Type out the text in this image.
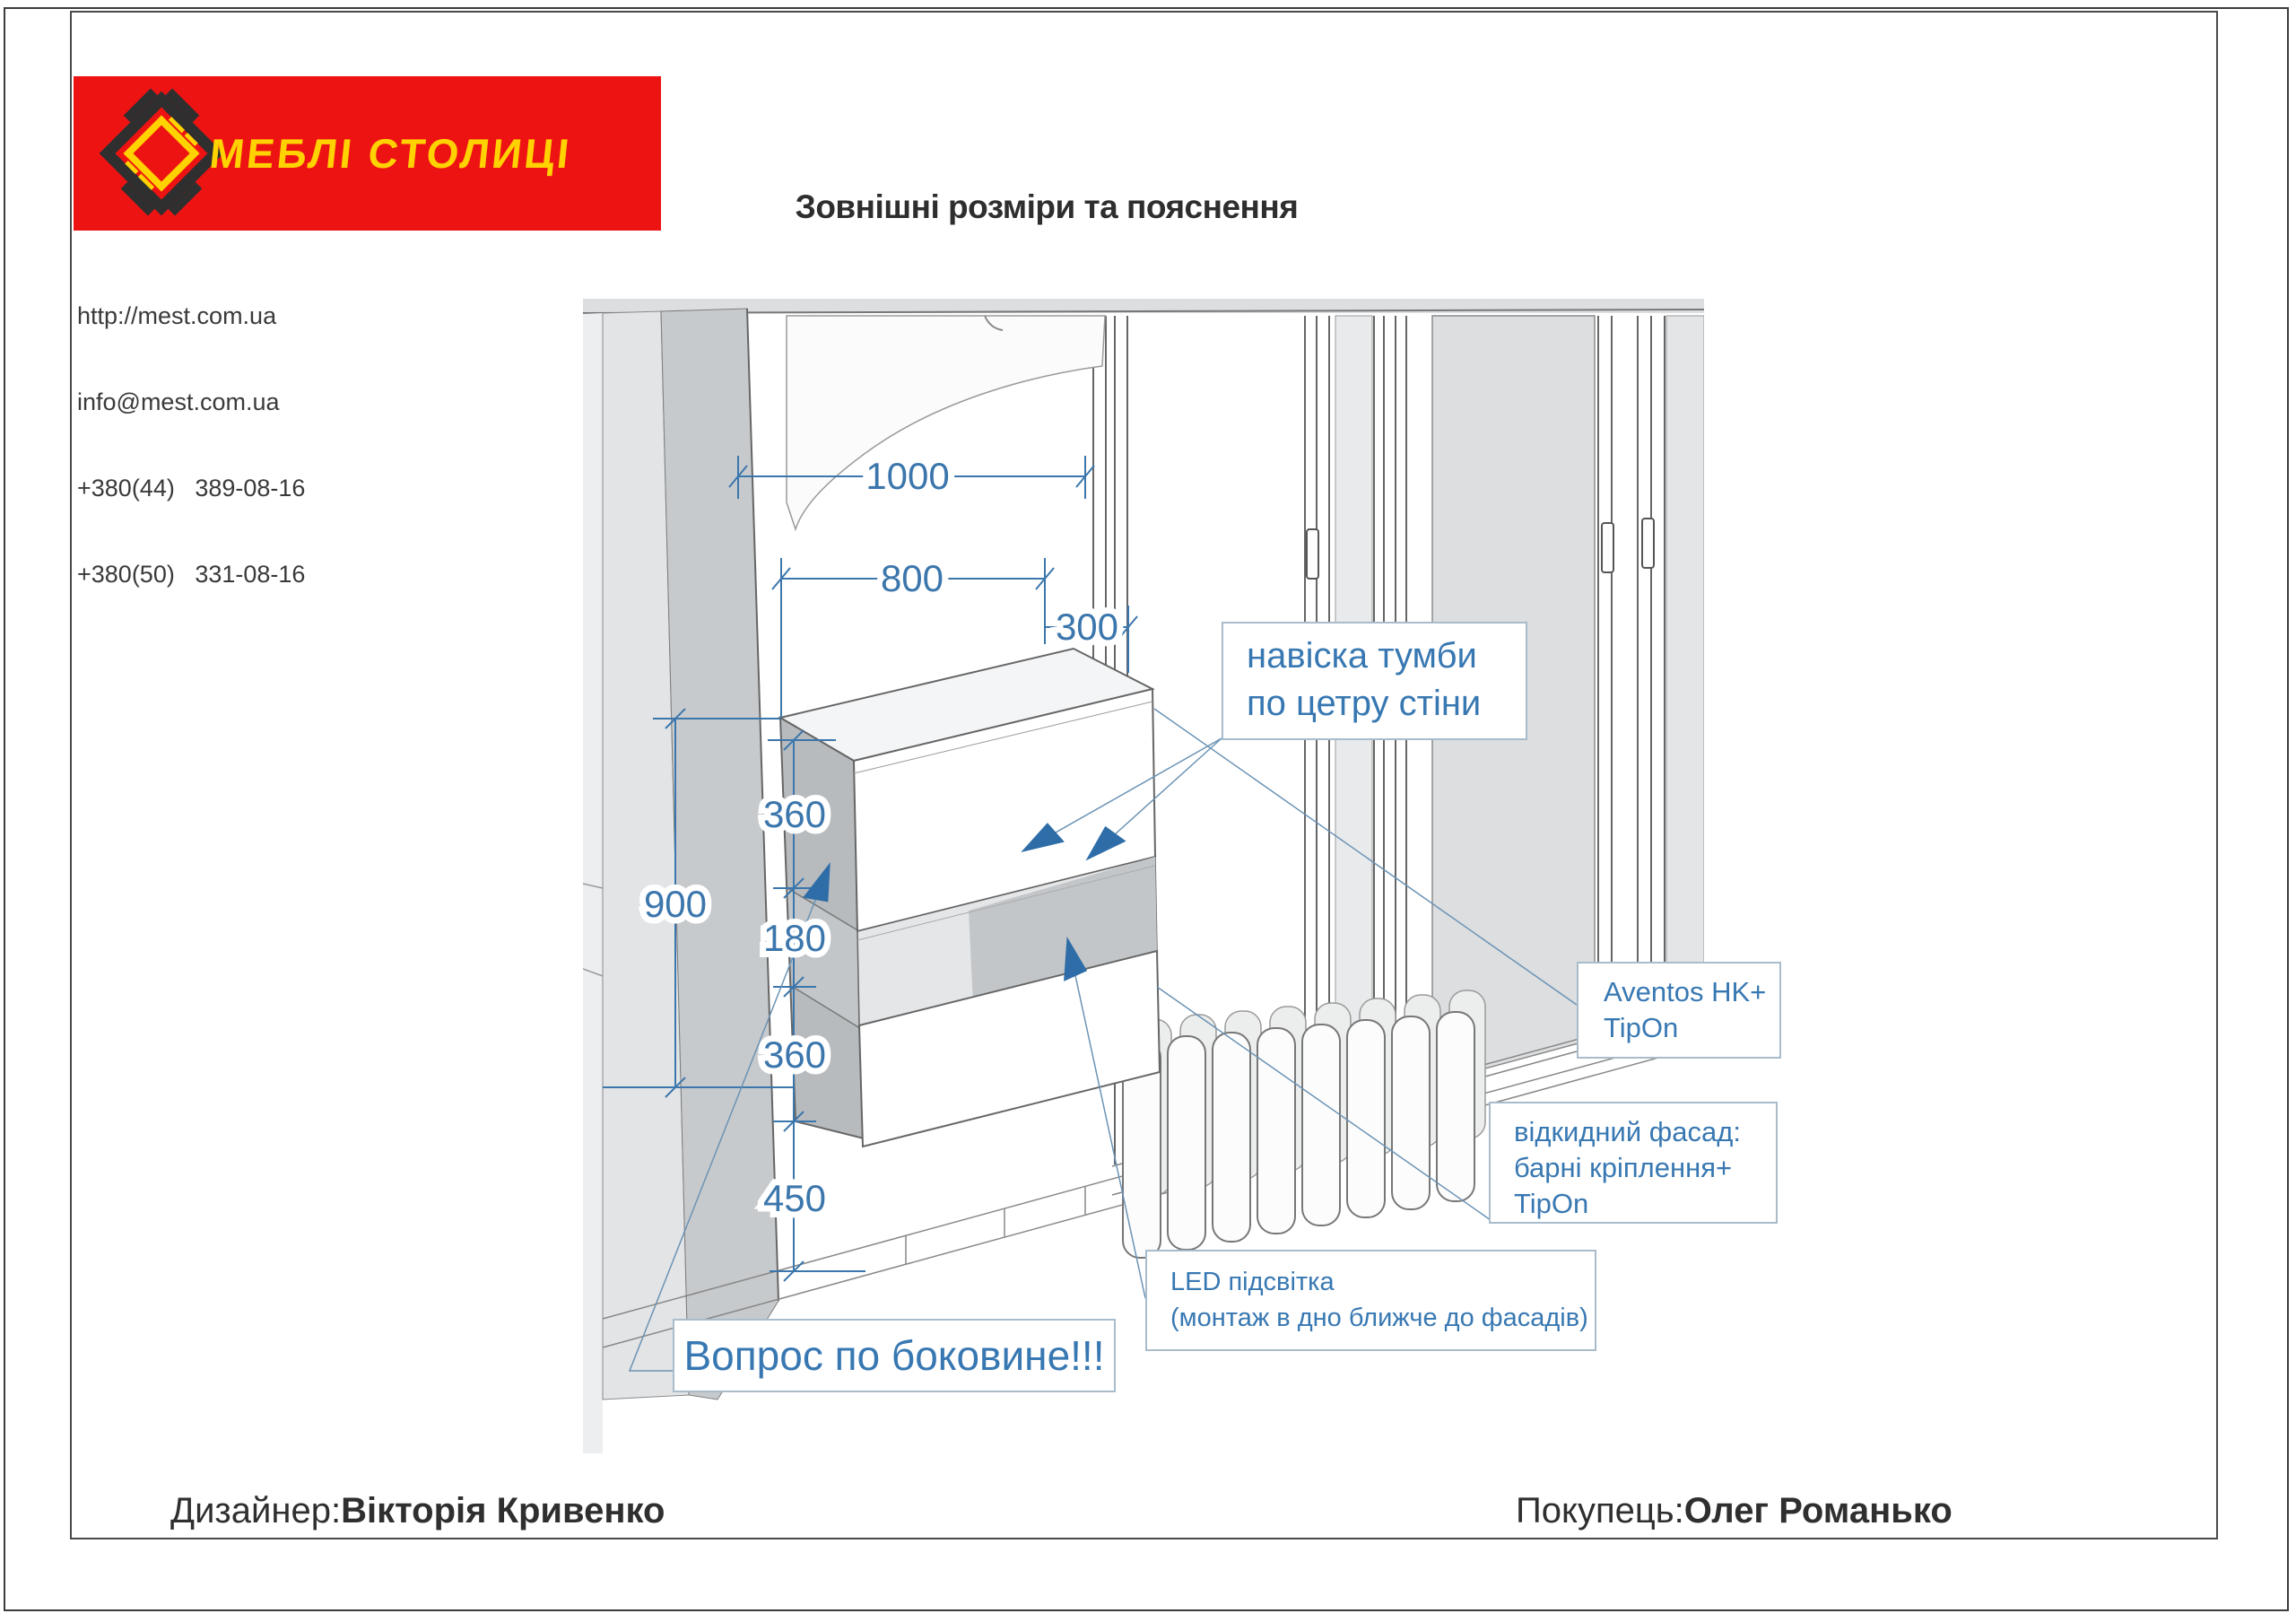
МЕБЛІ СТОЛИЦІ

http://mest.com.ua

info@mest.com.ua

+380(44)   389-08-16

+380(50)   331-08-16

Зовнішні розміри та пояснення
1000
800
300
360
900
180
360
450
навіска тумби
по цетру стіни
Aventos HK+
TipOn
відкидний фасад:
барні кріплення+
TipOn
LED підсвітка
(монтаж в дно ближче до фасадів)
Вопрос по боковине!!!
Дизайнер:Вікторія Кривенко	Покупець:Олег Романько
